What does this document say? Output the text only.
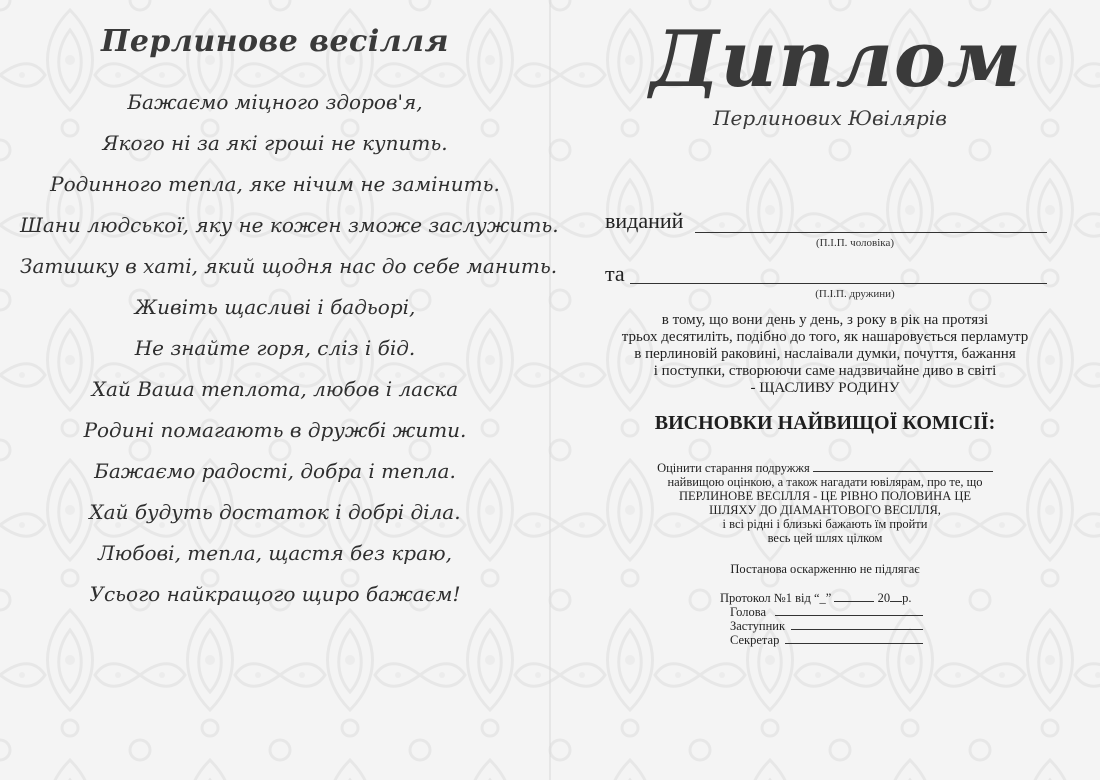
Перлинове весілля
Бажаємо міцного здоров'я,
Якого ні за які гроші не купить.
Родинного тепла, яке нічим не замінить.
Шани людської, яку не кожен зможе заслужить.
Затишку в хаті, який щодня нас до себе манить.
Живіть щасливі і бадьорі,
Не знайте горя, сліз і бід.
Хай Ваша теплота, любов і ласка
Родині помагають в дружбі жити.
Бажаємо радості, добра і тепла.
Хай будуть достаток і добрі діла.
Любові, тепла, щастя без краю,
Усього найкращого щиро бажаєм!
Диплом
Перлинових Ювілярів
виданий
(П.І.П. чоловіка)
та
(П.І.П. дружини)
в тому, що вони день у день, з року в рік на протязі
трьох десятиліть, подібно до того, як нашаровується перламутр
в перлиновій раковині, наслаівали думки, почуття, бажання
і поступки, створюючи саме надзвичайне диво в світі
- ЩАСЛИВУ РОДИНУ
ВИСНОВКИ НАЙВИЩОЇ КОМІСІЇ:
Оцінити старання подружжя
найвищою оцінкою, а також нагадати ювілярам, про те, що
ПЕРЛИНОВЕ ВЕСІЛЛЯ - ЦЕ РІВНО ПОЛОВИНА ЦЕ
ШЛЯХУ ДО ДІАМАНТОВОГО ВЕСІЛЛЯ,
і всі рідні і близькі бажають їм пройти
весь цей шлях цілком
Постанова оскарженню не підлягає
Протокол №1 від “_”	20 р.
Голова
Заступник
Секретар
